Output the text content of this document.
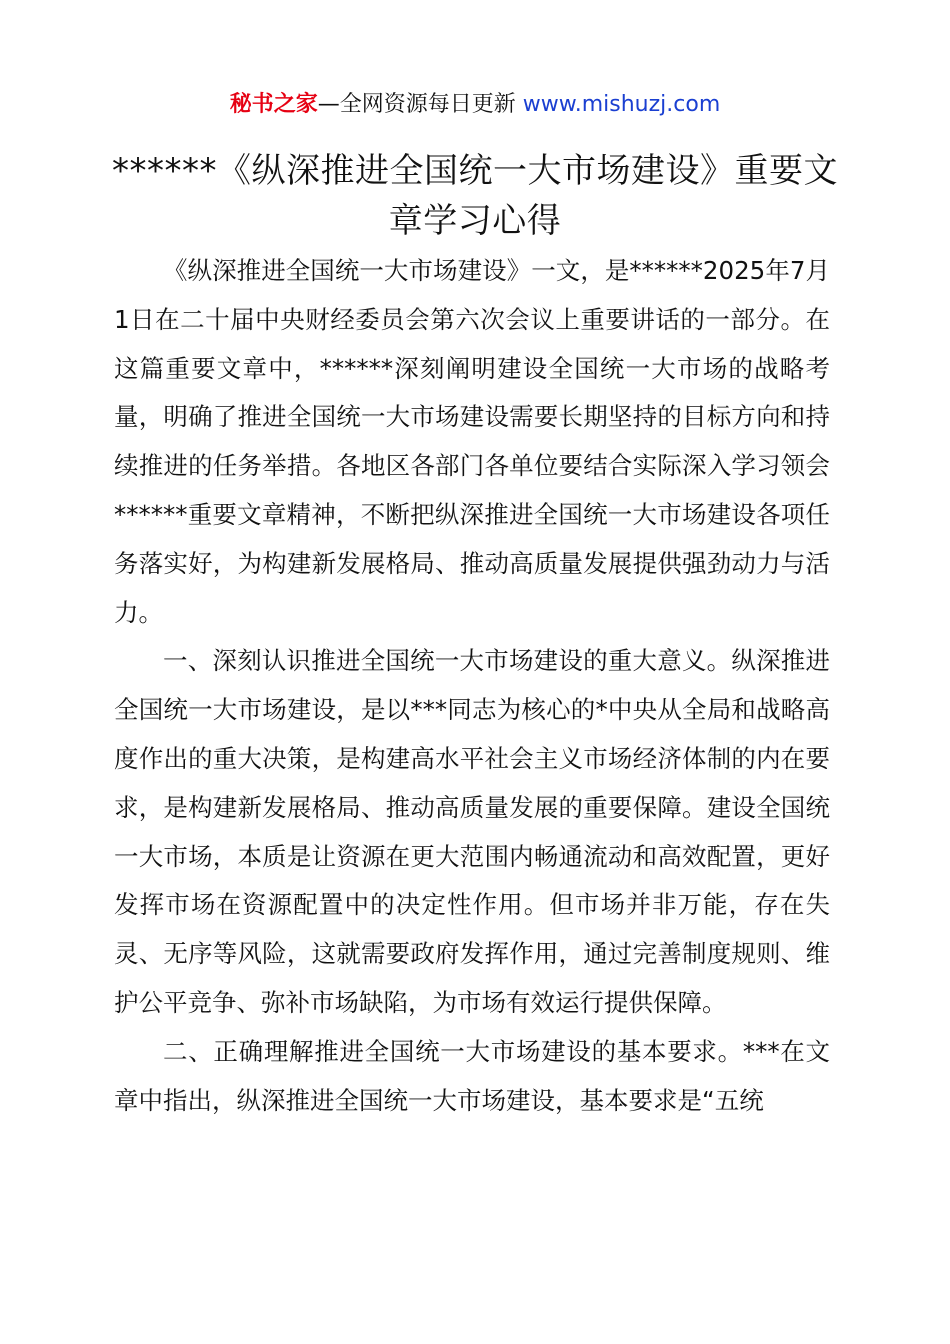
秘书之家—全网资源每日更新 www.mishuzj.com
******《纵深推进全国统一大市场建设》重要文章学习心得

《纵深推进全国统一大市场建设》一文，是******2025年7月1日在二十届中央财经委员会第六次会议上重要讲话的一部分。在这篇重要文章中，******深刻阐明建设全国统一大市场的战略考量，明确了推进全国统一大市场建设需要长期坚持的目标方向和持续推进的任务举措。各地区各部门各单位要结合实际深入学习领会******重要文章精神，不断把纵深推进全国统一大市场建设各项任务落实好，为构建新发展格局、推动高质量发展提供强劲动力与活力。

一、深刻认识推进全国统一大市场建设的重大意义。纵深推进全国统一大市场建设，是以***同志为核心的*中央从全局和战略高度作出的重大决策，是构建高水平社会主义市场经济体制的内在要求，是构建新发展格局、推动高质量发展的重要保障。建设全国统一大市场，本质是让资源在更大范围内畅通流动和高效配置，更好发挥市场在资源配置中的决定性作用。但市场并非万能，存在失灵、无序等风险，这就需要政府发挥作用，通过完善制度规则、维护公平竞争、弥补市场缺陷，为市场有效运行提供保障。

二、正确理解推进全国统一大市场建设的基本要求。***在文章中指出，纵深推进全国统一大市场建设，基本要求是“五统
